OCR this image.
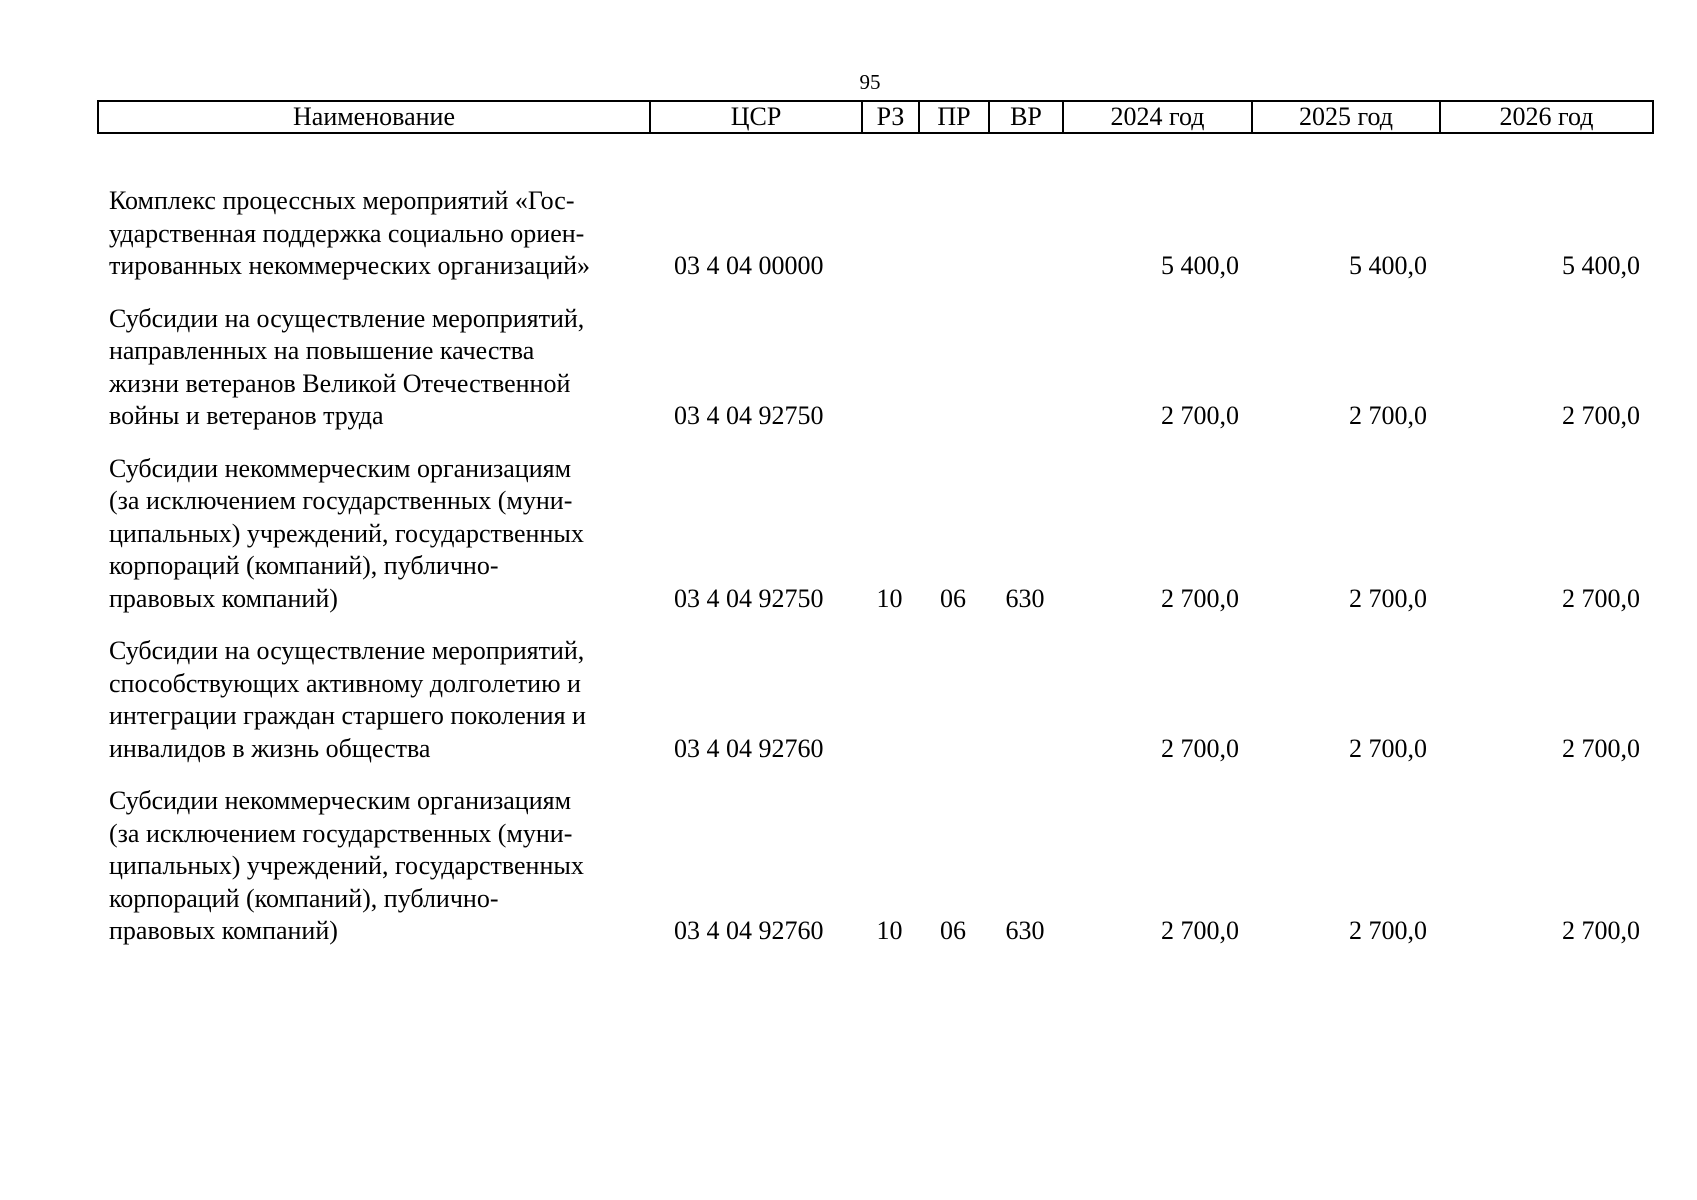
95
Наименование	ЦСР	РЗ	ПР	ВР	2024 год	2025 год	2026 год
Комплекс процессных мероприятий «Гос-
ударственная поддержка социально ориен-
тированных некоммерческих организаций»	03 4 04 00000				5 400,0	5 400,0	5 400,0

Субсидии на осуществление мероприятий,
направленных на повышение качества
жизни ветеранов Великой Отечественной
войны и ветеранов труда	03 4 04 92750				2 700,0	2 700,0	2 700,0

Субсидии некоммерческим организациям
(за исключением государственных (муни-
ципальных) учреждений, государственных
корпораций (компаний), публично-
правовых компаний)	03 4 04 92750	10	06	630	2 700,0	2 700,0	2 700,0

Субсидии на осуществление мероприятий,
способствующих активному долголетию и
интеграции граждан старшего поколения и
инвалидов в жизнь общества	03 4 04 92760				2 700,0	2 700,0	2 700,0

Субсидии некоммерческим организациям
(за исключением государственных (муни-
ципальных) учреждений, государственных
корпораций (компаний), публично-
правовых компаний)	03 4 04 92760	10	06	630	2 700,0	2 700,0	2 700,0
